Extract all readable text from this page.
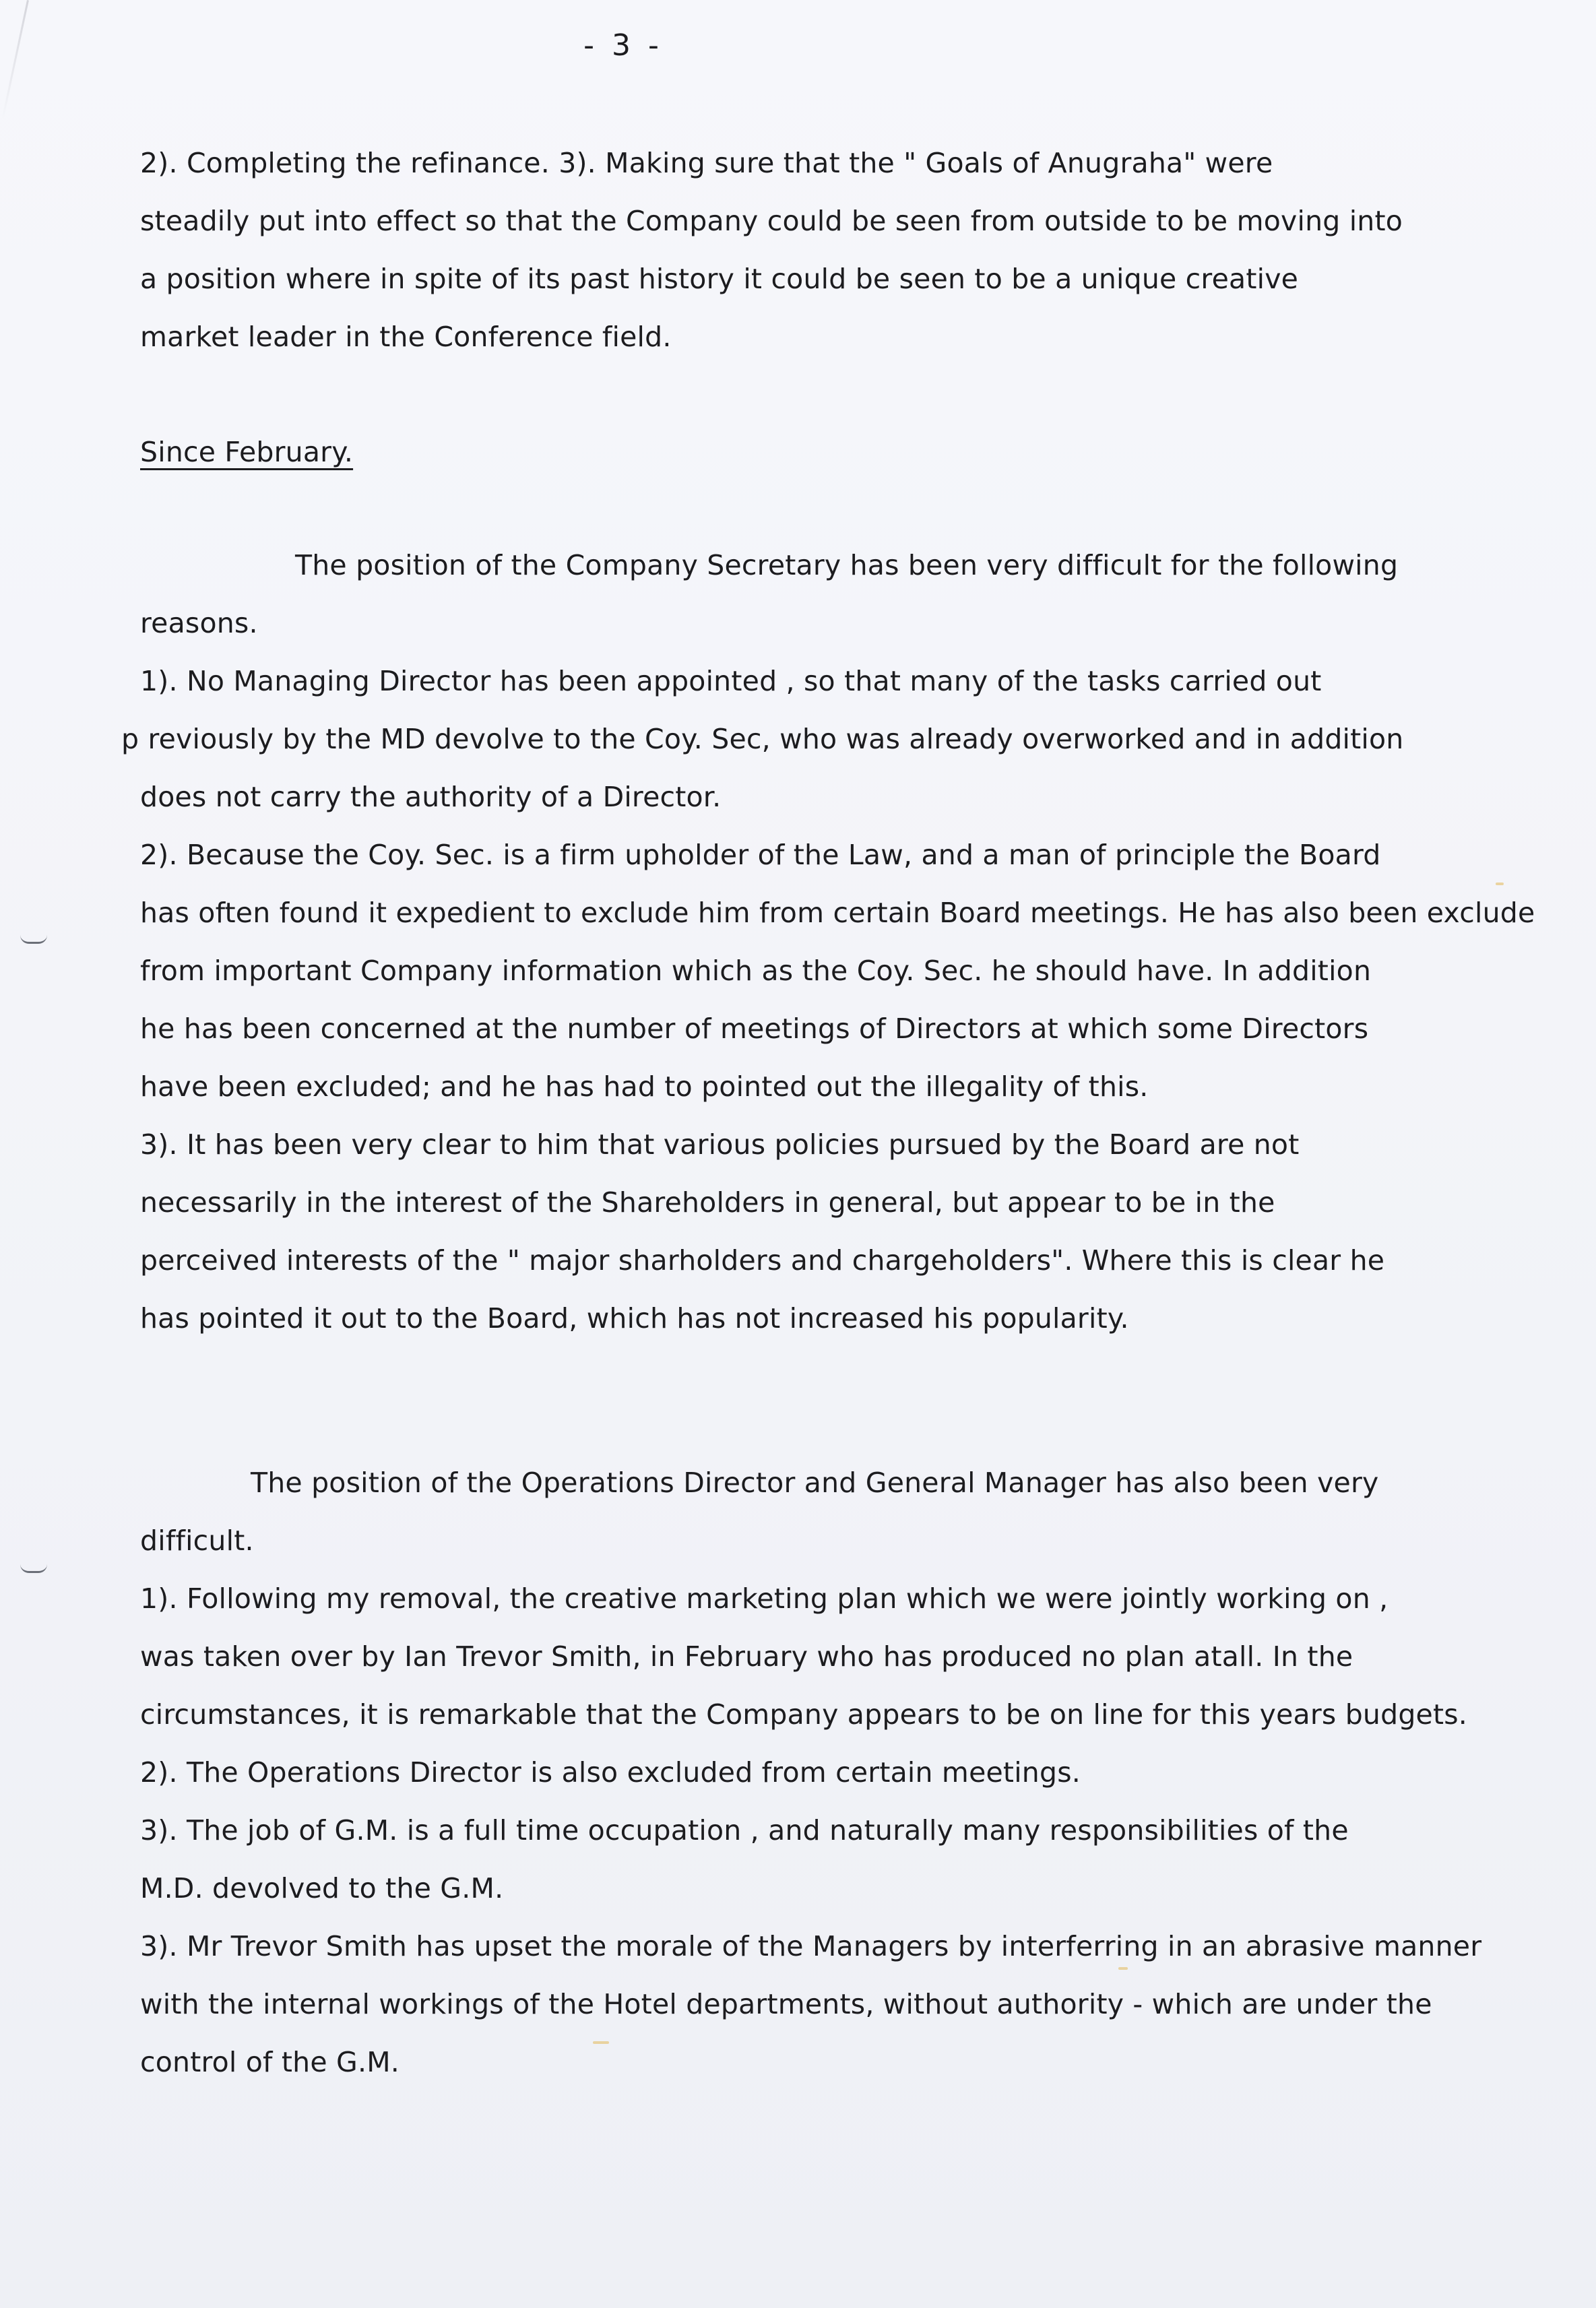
- 3 -
2). Completing the refinance. 3). Making sure that the " Goals of Anugraha" were
steadily put into effect so that the Company could be seen from outside to be moving into
a position where in spite of its past history it could be seen to be a unique creative
market leader in the Conference field.
Since February.
The position of the Company Secretary has been very difficult for the following
reasons.
1). No Managing Director has been appointed , so that many of the tasks carried out
p reviously by the MD devolve to the Coy. Sec, who was already overworked and in addition
does not carry the authority of a Director.
2). Because the Coy. Sec. is a firm upholder of the Law, and a man of principle the Board
has often found it expedient to exclude him from certain Board meetings. He has also been exclude
from important Company information which as the Coy. Sec. he should have. In addition
he has been concerned at the number of meetings of Directors at which some Directors
have been excluded; and he has had to pointed out the illegality of this.
3). It has been very clear to him that various policies pursued by the Board are not
necessarily in the interest of the Shareholders in general, but appear to be in the
perceived interests of the " major sharholders and chargeholders". Where this is clear he
has pointed it out to the Board, which has not increased his popularity.
The position of the Operations Director and General Manager has also been very
difficult.
1). Following my removal, the creative marketing plan which we were jointly working on ,
was taken over by Ian Trevor Smith, in February who has produced no plan atall. In the
circumstances, it is remarkable that the Company appears to be on line for this years budgets.
2). The Operations Director is also excluded from certain meetings.
3). The job of G.M. is a full time occupation , and naturally many responsibilities of the
M.D. devolved to the G.M.
3). Mr Trevor Smith has upset the morale of the Managers by interferring in an abrasive manner
with the internal workings of the Hotel departments, without authority - which are under the
control of the G.M.
